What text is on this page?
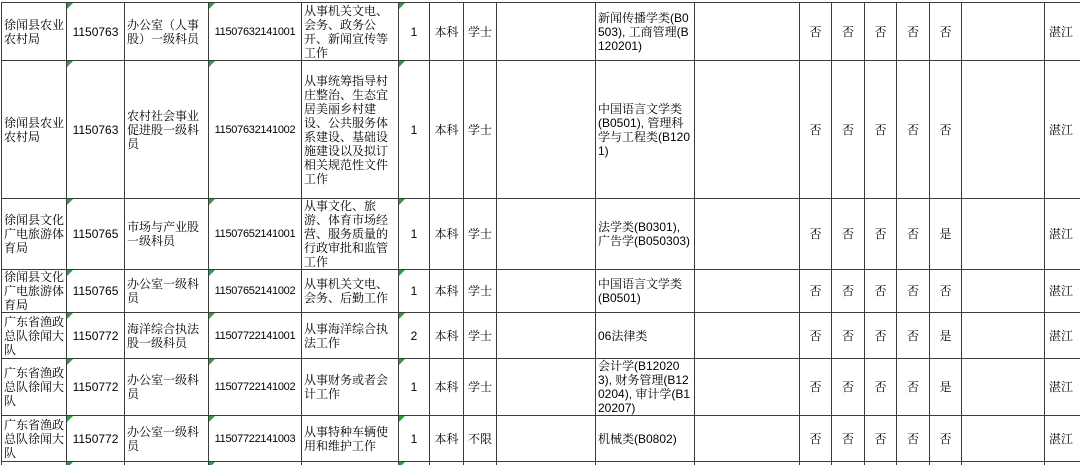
徐闻县农业农村局	1150763	办公室（人事股）一级科员	11507632141001	从事机关文电、会务、政务公开、新闻宣传等工作	1	本科	学士		新闻传播学类(B0503), 工商管理(B120201)		否	否	否	否	否		湛江
徐闻县农业农村局	1150763	农村社会事业促进股一级科员	11507632141002	从事统筹指导村庄整治、生态宜居美丽乡村建设、公共服务体系建设、基础设施建设以及拟订相关规范性文件工作	1	本科	学士		中国语言文学类(B0501), 管理科学与工程类(B1201)		否	否	否	否	否		湛江
徐闻县文化广电旅游体育局	1150765	市场与产业股一级科员	11507652141001	从事文化、旅游、体育市场经营、服务质量的行政审批和监管工作	1	本科	学士		法学类(B0301), 广告学(B050303)		否	否	否	否	是		湛江
徐闻县文化广电旅游体育局	1150765	办公室一级科员	11507652141002	从事机关文电、会务、后勤工作	1	本科	学士		中国语言文学类(B0501)		否	否	否	否	否		湛江
广东省渔政总队徐闻大队	1150772	海洋综合执法股一级科员	11507722141001	从事海洋综合执法工作	2	本科	学士		06法律类		否	否	否	否	是		湛江
广东省渔政总队徐闻大队	1150772	办公室一级科员	11507722141002	从事财务或者会计工作	1	本科	学士		会计学(B120203), 财务管理(B120204), 审计学(B120207)		否	否	否	否	是		湛江
广东省渔政总队徐闻大队	1150772	办公室一级科员	11507722141003	从事特种车辆使用和维护工作	1	本科	不限		机械类(B0802)		否	否	否	否	否		湛江
